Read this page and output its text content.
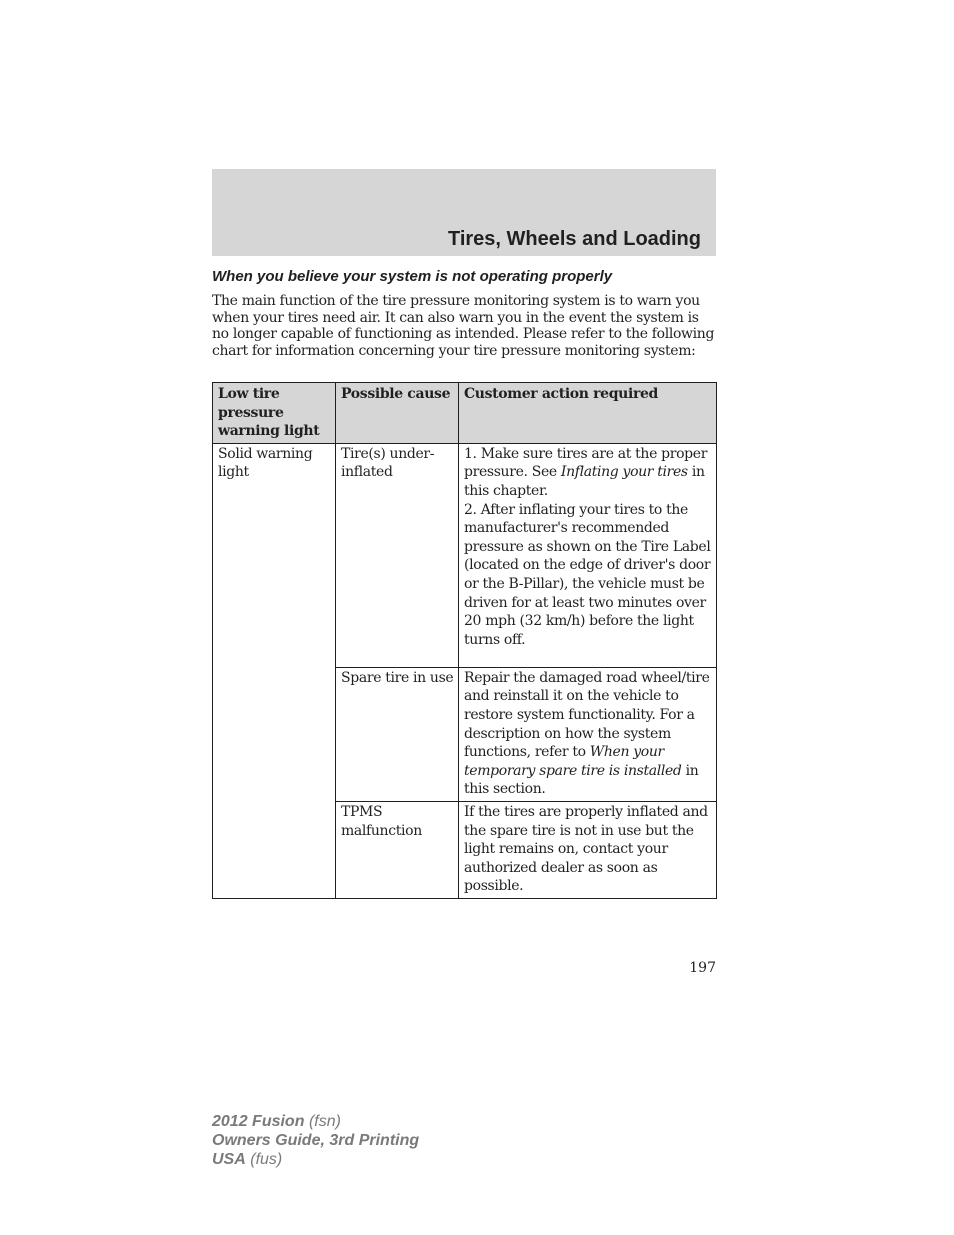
Tires, Wheels and Loading
When you believe your system is not operating properly

The main function of the tire pressure monitoring system is to warn you when your tires need air. It can also warn you in the event the system is no longer capable of functioning as intended. Please refer to the following chart for information concerning your tire pressure monitoring system:

Low tire pressure warning light	Possible cause	Customer action required
Solid warning light	Tire(s) under-inflated	1. Make sure tires are at the proper pressure. See Inflating your tires in this chapter.
2. After inflating your tires to the manufacturer's recommended pressure as shown on the Tire Label (located on the edge of driver's door or the B-Pillar), the vehicle must be driven for at least two minutes over 20 mph (32 km/h) before the light turns off.
	Spare tire in use	Repair the damaged road wheel/tire and reinstall it on the vehicle to restore system functionality. For a description on how the system functions, refer to When your temporary spare tire is installed in this section.
	TPMS malfunction	If the tires are properly inflated and the spare tire is not in use but the light remains on, contact your authorized dealer as soon as possible.
197
2012 Fusion (fsn)
Owners Guide, 3rd Printing
USA (fus)
